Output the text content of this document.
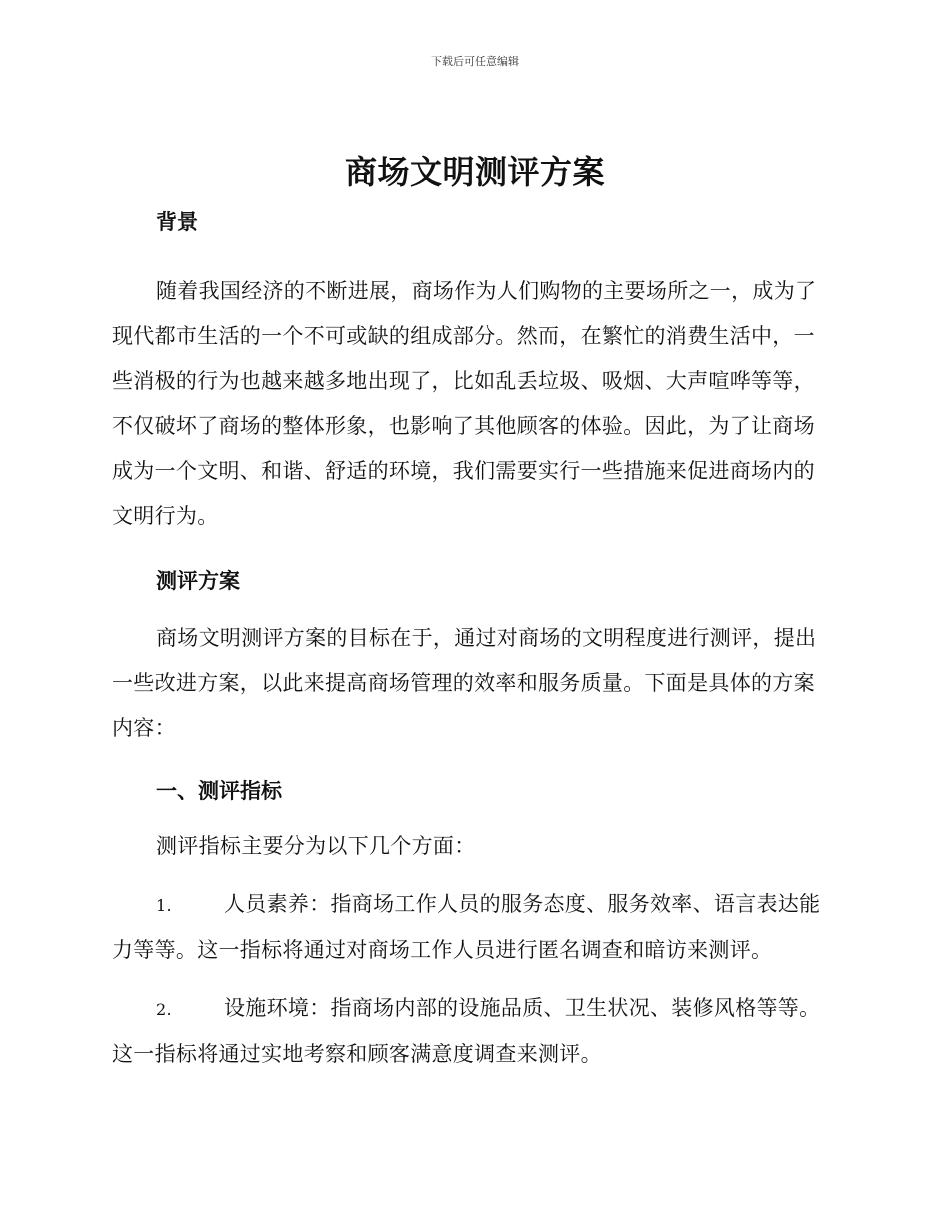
下载后可任意编辑
商场文明测评方案
背景

随着我国经济的不断进展，商场作为人们购物的主要场所之一，成为了现代都市生活的一个不可或缺的组成部分。然而，在繁忙的消费生活中，一些消极的行为也越来越多地出现了，比如乱丢垃圾、吸烟、大声喧哗等等，不仅破坏了商场的整体形象，也影响了其他顾客的体验。因此，为了让商场成为一个文明、和谐、舒适的环境，我们需要实行一些措施来促进商场内的文明行为。

测评方案

商场文明测评方案的目标在于，通过对商场的文明程度进行测评，提出一些改进方案，以此来提高商场管理的效率和服务质量。下面是具体的方案内容：

一、测评指标

测评指标主要分为以下几个方面：

1. 人员素养：指商场工作人员的服务态度、服务效率、语言表达能力等等。这一指标将通过对商场工作人员进行匿名调查和暗访来测评。

2. 设施环境：指商场内部的设施品质、卫生状况、装修风格等等。这一指标将通过实地考察和顾客满意度调查来测评。
